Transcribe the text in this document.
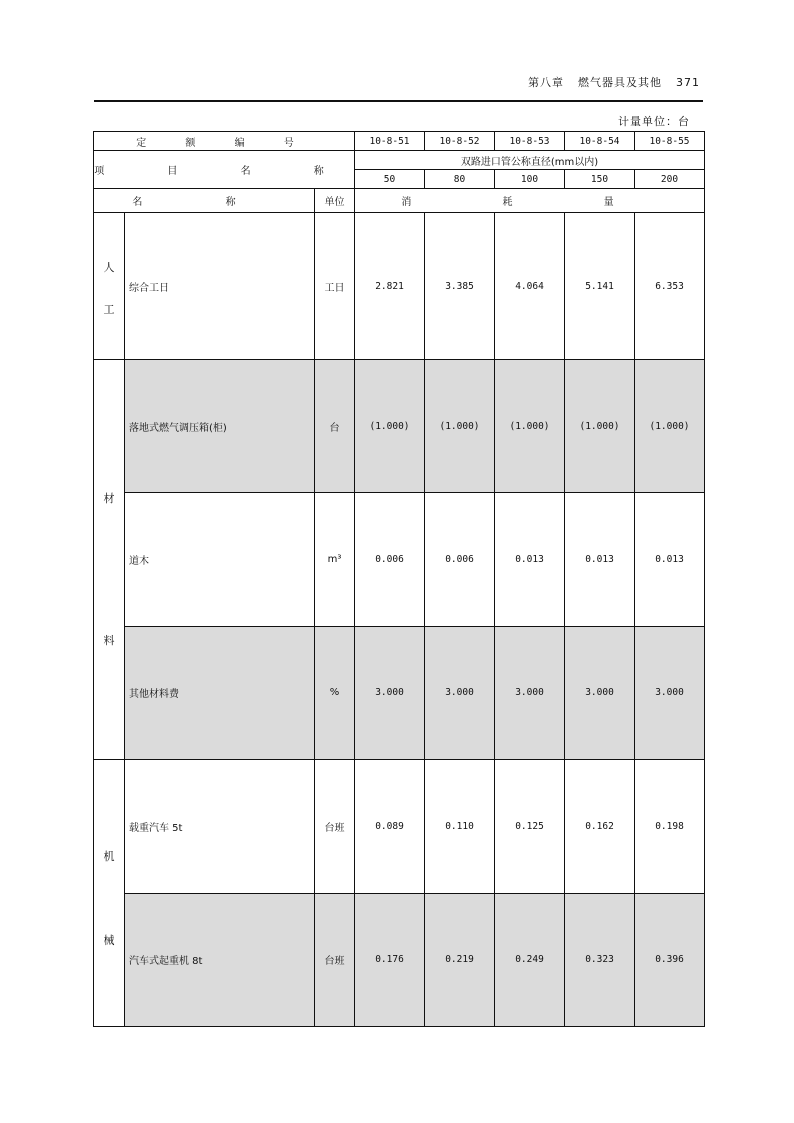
第八章 燃气器具及其他 371
计量单位：台
定 额 编 号			10-8-51	10-8-52	10-8-53	10-8-54	10-8-55
项 目 名 称			双路进口管公称直径(mm以内)				
			50	80	100	150	200
名 称		单位	消 耗 量				

人
工	综合工日	工日	2.821	3.385	4.064	5.141	6.353

材
料	落地式燃气调压箱(柜)	台	(1.000)	(1.000)	(1.000)	(1.000)	(1.000)
	道木	m³	0.006	0.006	0.013	0.013	0.013
	其他材料费	%	3.000	3.000	3.000	3.000	3.000

机
械	载重汽车 5t	台班	0.089	0.110	0.125	0.162	0.198
	汽车式起重机 8t	台班	0.176	0.219	0.249	0.323	0.396
